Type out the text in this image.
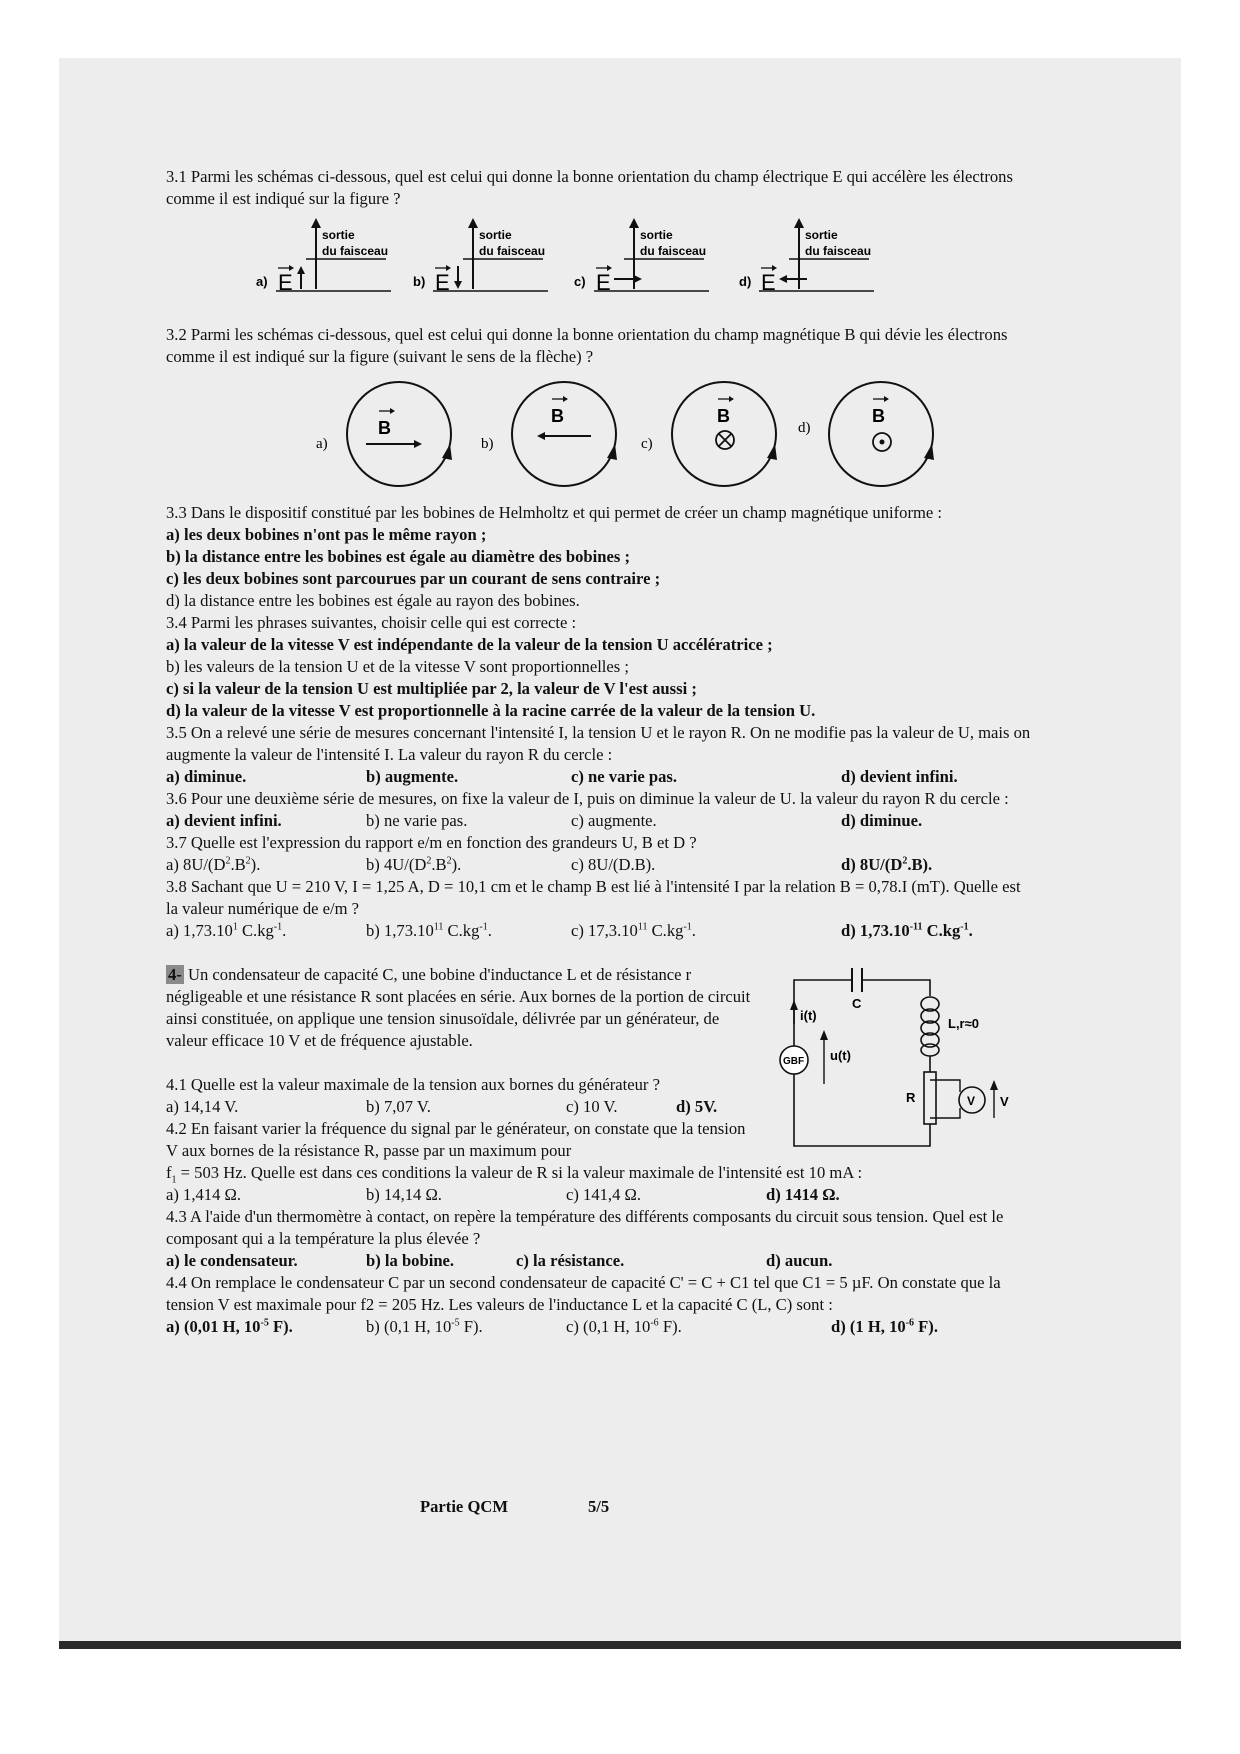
3.1 Parmi les schémas ci-dessous, quel est celui qui donne la bonne orientation du champ électrique E qui accélère les électrons comme il est indiqué sur la figure ?

sortie
du faisceau
a) E
sortie
du faisceau
b) E
sortie
du faisceau
c) E
sortie
du faisceau
d) E

3.2 Parmi les schémas ci-dessous, quel est celui qui donne la bonne orientation du champ magnétique B qui dévie les électrons comme il est indiqué sur la figure (suivant le sens de la flèche) ?

a)
B
b)
B
c)
B
d)
B

3.3 Dans le dispositif constitué par les bobines de Helmholtz et qui permet de créer un champ magnétique uniforme :

a) les deux bobines n'ont pas le même rayon ;

b) la distance entre les bobines est égale au diamètre des bobines ;

c) les deux bobines sont parcourues par un courant de sens contraire ;

d) la distance entre les bobines est égale au rayon des bobines.

3.4 Parmi les phrases suivantes, choisir celle qui est correcte :

a) la valeur de la vitesse V est indépendante de la valeur de la tension U accélératrice ;

b) les valeurs de la tension U et de la vitesse V sont proportionnelles ;

c) si la valeur de la tension U est multipliée par 2, la valeur de V l'est aussi ;

d) la valeur de la vitesse V est proportionnelle à la racine carrée de la valeur de la tension U.

3.5 On a relevé une série de mesures concernant l'intensité I, la tension U et le rayon R. On ne modifie pas la valeur de U, mais on augmente la valeur de l'intensité I. La valeur du rayon R du cercle :

a) diminue.	b) augmente.	c) ne varie pas.	d) devient infini.

3.6 Pour une deuxième série de mesures, on fixe la valeur de I, puis on diminue la valeur de U. la valeur du rayon R du cercle :

a) devient infini.	b) ne varie pas.	c) augmente.	d) diminue.

3.7 Quelle est l'expression du rapport e/m en fonction des grandeurs U, B et D ?

a) $8U/(D^2.B^2)$.	b) $4U/(D^2.B^2)$.	c) 8U/(D.B).	d) $8U/(D^2.B)$.

3.8 Sachant que U = 210 V, I = 1,25 A, D = 10,1 cm et le champ B est lié à l'intensité I par la relation B = 0,78.I (mT). Quelle est la valeur numérique de e/m ?

a) 1,73.10$^1$ $C.kg^{-1}$.	b) 1,73.10$^{11}$ $C.kg^{-1}$.	c) 17,3.10$^{11}$ $C.kg^{-1}$.	d) $1,73.10^{-11}$ $C.kg^{-1}$.

4- Un condensateur de capacité C, une bobine d'inductance L et de résistance r négligeable et une résistance R sont placées en série. Aux bornes de la portion de circuit ainsi constituée, on applique une tension sinusoïdale, délivrée par un générateur, de valeur efficace 10 V et de fréquence ajustable.

C
L,r≈0
R	V V
GBF
i(t)
u(t)

4.1 Quelle est la valeur maximale de la tension aux bornes du générateur ?

a) 14,14 V.	b) 7,07 V.	c) 10 V.	d) 5V.

4.2 En faisant varier la fréquence du signal par le générateur, on constate que la tension V aux bornes de la résistance R, passe par un maximum pour

$f_1 = 503$ Hz. Quelle est dans ces conditions la valeur de R si la valeur maximale de l'intensité est 10 mA :

a) 1,414 Ω.	b) 14,14 Ω.	c) 141,4 Ω.	d) 1414 Ω.

4.3 A l'aide d'un thermomètre à contact, on repère la température des différents composants du circuit sous tension. Quel est le composant qui a la température la plus élevée ?

a) le condensateur.	b) la bobine.	c) la résistance.	d) aucun.

4.4 On remplace le condensateur C par un second condensateur de capacité C' = C + C1 tel que C1 = 5 µF. On constate que la tension V est maximale pour f2 = 205 Hz. Les valeurs de l'inductance L et la capacité C (L, C) sont :

a) (0,01 H, $10^{-5}$ F).	b) (0,1 H, $10^{-5}$ F).	c) (0,1 H, $10^{-6}$ F).	d) (1 H, $10^{-6}$ F).
Partie QCM	5/5
